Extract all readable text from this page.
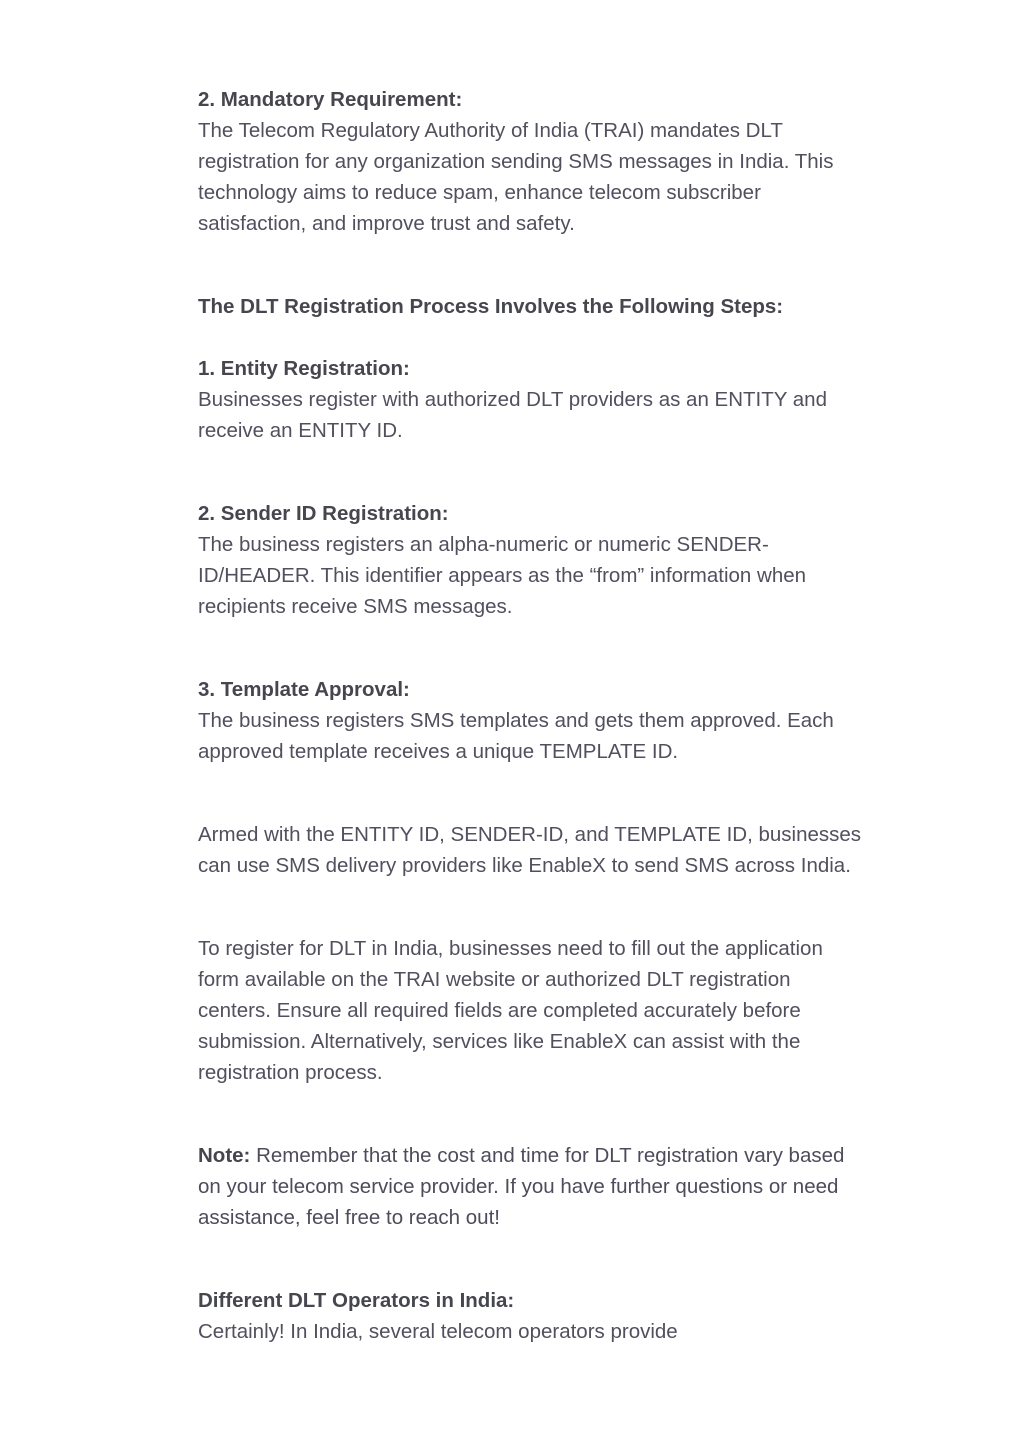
2. Mandatory Requirement:
The Telecom Regulatory Authority of India (TRAI) mandates DLT registration for any organization sending SMS messages in India. This technology aims to reduce spam, enhance telecom subscriber satisfaction, and improve trust and safety.

The DLT Registration Process Involves the Following Steps:

1. Entity Registration:
Businesses register with authorized DLT providers as an ENTITY and receive an ENTITY ID.

2. Sender ID Registration:
The business registers an alpha-numeric or numeric SENDER-ID/HEADER. This identifier appears as the “from” information when recipients receive SMS messages.

3. Template Approval:
The business registers SMS templates and gets them approved. Each approved template receives a unique TEMPLATE ID.

Armed with the ENTITY ID, SENDER-ID, and TEMPLATE ID, businesses can use SMS delivery providers like EnableX to send SMS across India.

To register for DLT in India, businesses need to fill out the application form available on the TRAI website or authorized DLT registration centers. Ensure all required fields are completed accurately before submission. Alternatively, services like EnableX can assist with the registration process.

Note: Remember that the cost and time for DLT registration vary based on your telecom service provider. If you have further questions or need assistance, feel free to reach out!

Different DLT Operators in India:
Certainly! In India, several telecom operators provide
